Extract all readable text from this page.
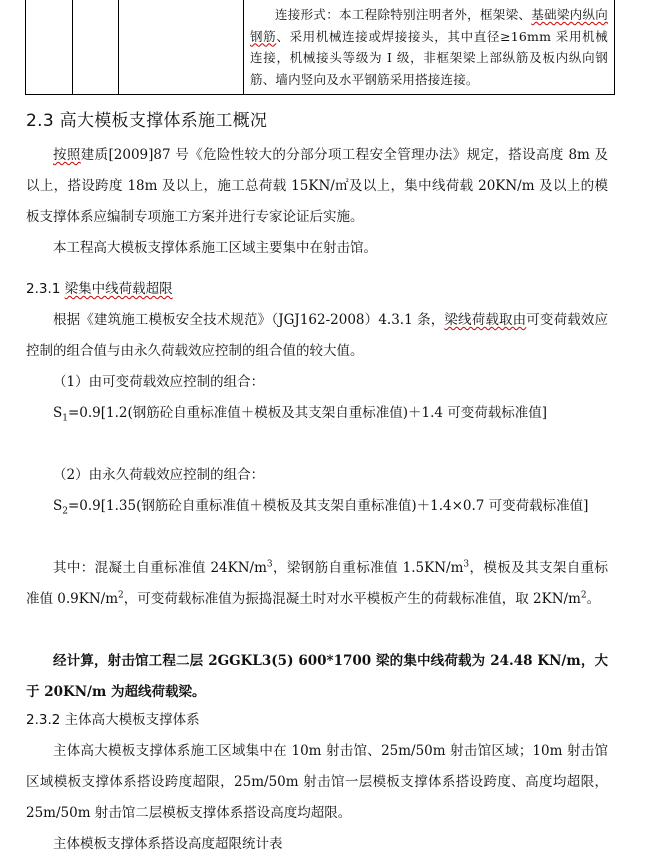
连接形式：本工程除特别注明者外，框架梁、基础梁内纵向钢筋、采用机械连接或焊接接头，其中直径≥16mm 采用机械连接，机械接头等级为 I 级，非框架梁上部纵筋及板内纵向钢筋、墙内竖向及水平钢筋采用搭接连接。

2.3 高大模板支撑体系施工概况

按照建质[2009]87 号《危险性较大的分部分项工程安全管理办法》规定，搭设高度 8m 及以上，搭设跨度 18m 及以上，施工总荷载 15KN/㎡及以上，集中线荷载 20KN/m 及以上的模板支撑体系应编制专项施工方案并进行专家论证后实施。

本工程高大模板支撑体系施工区域主要集中在射击馆。

2.3.1 梁集中线荷载超限

根据《建筑施工模板安全技术规范》（JGJ162-2008）4.3.1 条，梁线荷载取由可变荷载效应控制的组合值与由永久荷载效应控制的组合值的较大值。

（1）由可变荷载效应控制的组合：

$S_1=0.9[1.2$(钢筋砼自重标准值＋模板及其支架自重标准值)＋1.4 可变荷载标准值]

（2）由永久荷载效应控制的组合：

$S_2=0.9[1.35$(钢筋砼自重标准值＋模板及其支架自重标准值)＋1.4×0.7 可变荷载标准值]

其中：混凝土自重标准值 $24KN/m^3$，梁钢筋自重标准值 $1.5KN/m^3$，模板及其支架自重标准值 $0.9KN/m^2$，可变荷载标准值为振捣混凝土时对水平模板产生的荷载标准值，取 $2KN/m^2$。

经计算，射击馆工程二层 2GGKL3(5) 600*1700 梁的集中线荷载为 24.48 KN/m，大于 20KN/m 为超线荷载梁。

2.3.2 主体高大模板支撑体系

主体高大模板支撑体系施工区域集中在 10m 射击馆、25m/50m 射击馆区域；10m 射击馆区域模板支撑体系搭设跨度超限，25m/50m 射击馆一层模板支撑体系搭设跨度、高度均超限，25m/50m 射击馆二层模板支撑体系搭设高度均超限。

主体模板支撑体系搭设高度超限统计表
